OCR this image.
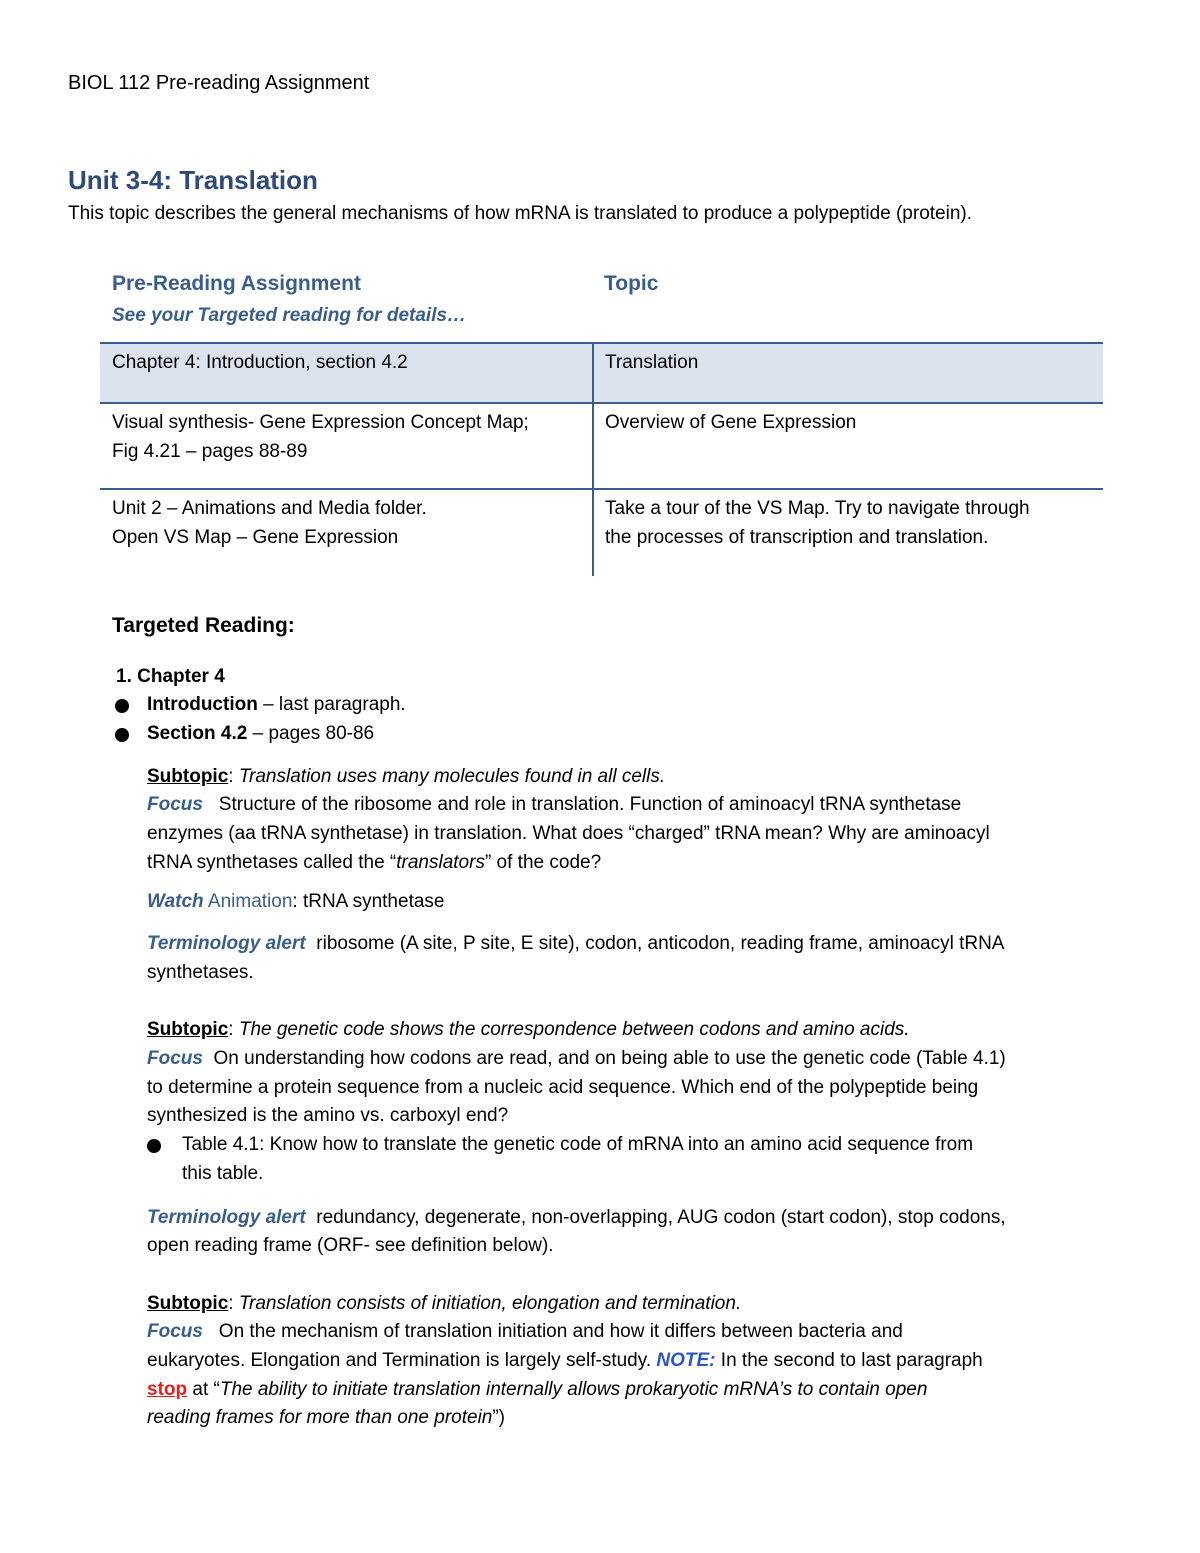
BIOL 112 Pre-reading Assignment
Unit 3-4: Translation
This topic describes the general mechanisms of how mRNA is translated to produce a polypeptide (protein).
Pre-Reading Assignment
See your Targeted reading for details…
Topic
Chapter 4: Introduction, section 4.2	Translation
Visual synthesis- Gene Expression Concept Map;
Fig 4.21 – pages 88-89
Overview of Gene Expression
Unit 2 – Animations and Media folder.
Open VS Map – Gene Expression
Take a tour of the VS Map. Try to navigate through
the processes of transcription and translation.
Targeted Reading:
1. Chapter 4
Introduction – last paragraph.
Section 4.2 – pages 80-86
Subtopic: Translation uses many molecules found in all cells.
Focus Structure of the ribosome and role in translation. Function of aminoacyl tRNA synthetase
enzymes (aa tRNA synthetase) in translation. What does “charged” tRNA mean? Why are aminoacyl
tRNA synthetases called the “translators” of the code?
Watch Animation: tRNA synthetase
Terminology alert ribosome (A site, P site, E site), codon, anticodon, reading frame, aminoacyl tRNA
synthetases.
Subtopic: The genetic code shows the correspondence between codons and amino acids.
Focus On understanding how codons are read, and on being able to use the genetic code (Table 4.1)
to determine a protein sequence from a nucleic acid sequence. Which end of the polypeptide being
synthesized is the amino vs. carboxyl end?
Table 4.1: Know how to translate the genetic code of mRNA into an amino acid sequence from
this table.
Terminology alert redundancy, degenerate, non-overlapping, AUG codon (start codon), stop codons,
open reading frame (ORF- see definition below).
Subtopic: Translation consists of initiation, elongation and termination.
Focus On the mechanism of translation initiation and how it differs between bacteria and
eukaryotes. Elongation and Termination is largely self-study. NOTE: In the second to last paragraph
stop at “The ability to initiate translation internally allows prokaryotic mRNA’s to contain open
reading frames for more than one protein”)
